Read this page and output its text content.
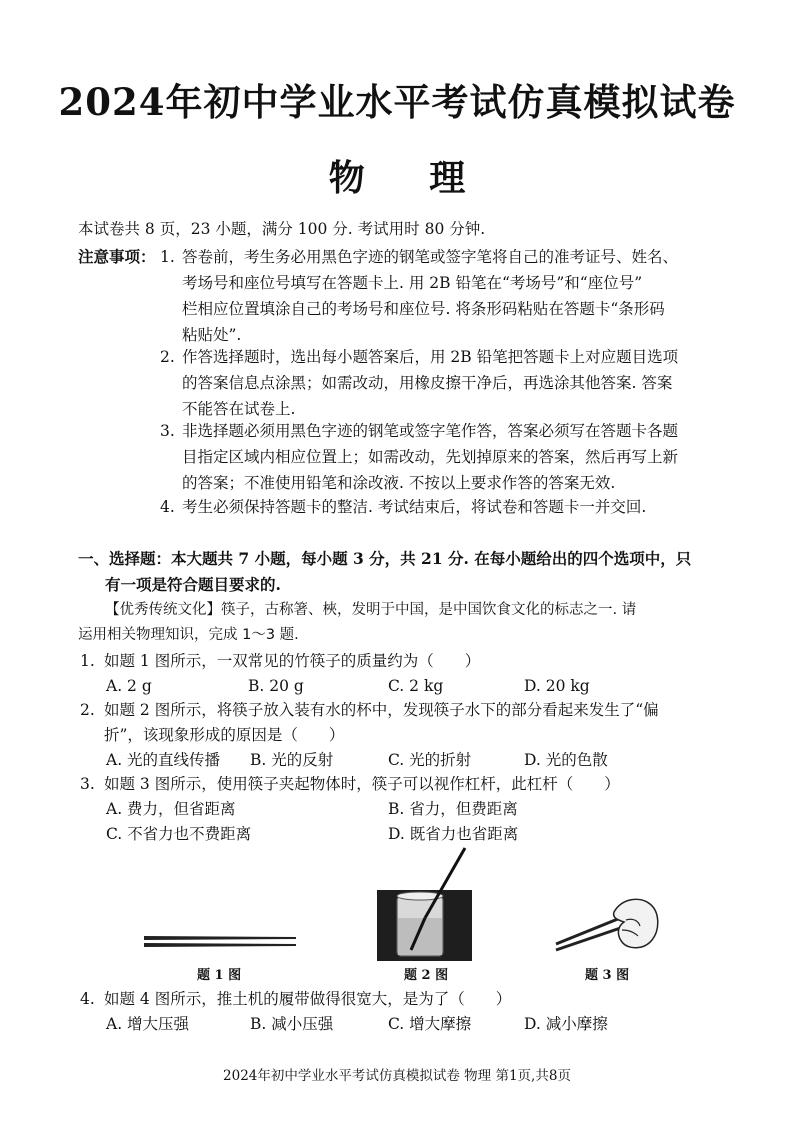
2024年初中学业水平考试仿真模拟试卷
物 理
本试卷共 8 页，23 小题，满分 100 分. 考试用时 80 分钟.
注意事项： 1. 答卷前，考生务必用黑色字迹的钢笔或签字笔将自己的准考证号、姓名、
考场号和座位号填写在答题卡上. 用 2B 铅笔在“考场号”和“座位号”
栏相应位置填涂自己的考场号和座位号. 将条形码粘贴在答题卡“条形码
粘贴处”.
2. 作答选择题时，选出每小题答案后，用 2B 铅笔把答题卡上对应题目选项
的答案信息点涂黑；如需改动，用橡皮擦干净后，再选涂其他答案. 答案
不能答在试卷上.
3. 非选择题必须用黑色字迹的钢笔或签字笔作答，答案必须写在答题卡各题
目指定区域内相应位置上；如需改动，先划掉原来的答案，然后再写上新
的答案；不准使用铅笔和涂改液. 不按以上要求作答的答案无效.
4. 考生必须保持答题卡的整洁. 考试结束后，将试卷和答题卡一并交回.
一、选择题：本大题共 7 小题，每小题 3 分，共 21 分. 在每小题给出的四个选项中，只
有一项是符合题目要求的.
【优秀传统文化】筷子，古称箸、梜，发明于中国，是中国饮食文化的标志之一. 请
运用相关物理知识，完成 1～3 题.
1. 如题 1 图所示，一双常见的竹筷子的质量约为（　　）
A. 2 g	B. 20 g	C. 2 kg	D. 20 kg
2. 如题 2 图所示，将筷子放入装有水的杯中，发现筷子水下的部分看起来发生了“偏
折”，该现象形成的原因是（　　）
A. 光的直线传播 B. 光的反射	C. 光的折射	D. 光的色散
3. 如题 3 图所示，使用筷子夹起物体时，筷子可以视作杠杆，此杠杆（　　）
A. 费力，但省距离	B. 省力，但费距离
C. 不省力也不费距离	D. 既省力也省距离
题 1 图	题 2 图	题 3 图
4. 如题 4 图所示，推土机的履带做得很宽大，是为了（　　）
A. 增大压强	B. 减小压强	C. 增大摩擦	D. 减小摩擦
2024年初中学业水平考试仿真模拟试卷 物理 第1页,共8页
